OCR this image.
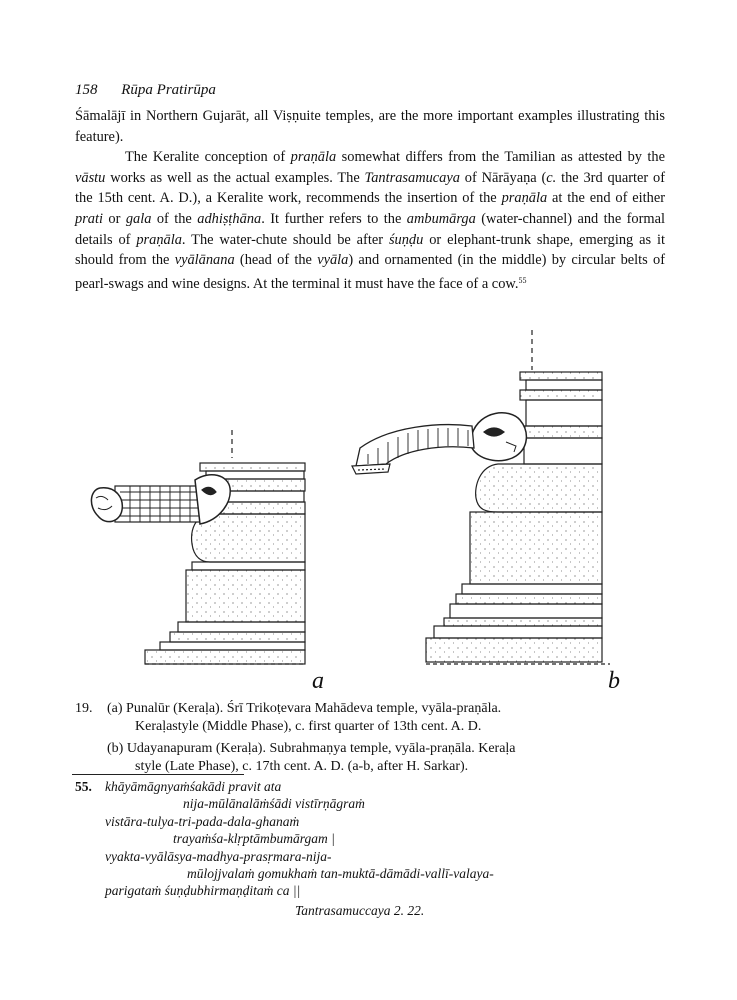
158 Rūpa Pratirūpa

Śāmalājī in Northern Gujarāt, all Viṣṇuite temples, are the more important examples illustrating this feature).

The Keralite conception of praṇāla somewhat differs from the Tamilian as attested by the vāstu works as well as the actual examples. The Tantrasamucaya of Nārāyaṇa (c. the 3rd quarter of the 15th cent. A. D.), a Keralite work, recommends the insertion of the praṇāla at the end of either prati or gala of the adhiṣṭhāna. It further refers to the ambumārga (water-channel) and the formal details of praṇāla. The water-chute should be after śuṇḍu or elephant-trunk shape, emerging as it should from the vyālānana (head of the vyāla) and ornamented (in the middle) by circular belts of pearl-swags and wine designs. At the terminal it must have the face of a cow.$^{55}$

a	b
19.	(a) Punalūr (Keraḷa). Śrī Trikoṭevara Mahādeva temple, vyāla-praṇāla.
Keraḷastyle (Middle Phase), c. first quarter of 13th cent. A. D.
(b) Udayanapuram (Keraḷa). Subrahmaṇya temple, vyāla-praṇāla. Keraḷa
style (Late Phase), c. 17th cent. A. D. (a-b, after H. Sarkar).
55. khāyāmāgnyaṁśakādi pravit ata
nija-mūlānalāṁśādi vistīrṇāgraṁ
vistāra-tulya-tri-pada-dala-ghanaṁ
trayaṁśa-klṛptāmbumārgam |
vyakta-vyālāsya-madhya-prasṛmara-nija-
mūlojjvalaṁ gomukhaṁ tan-muktā-dāmādi-vallī-valaya-
parigataṁ śuṇḍubhirmaṇḍitaṁ ca ||
Tantrasamuccaya 2. 22.
